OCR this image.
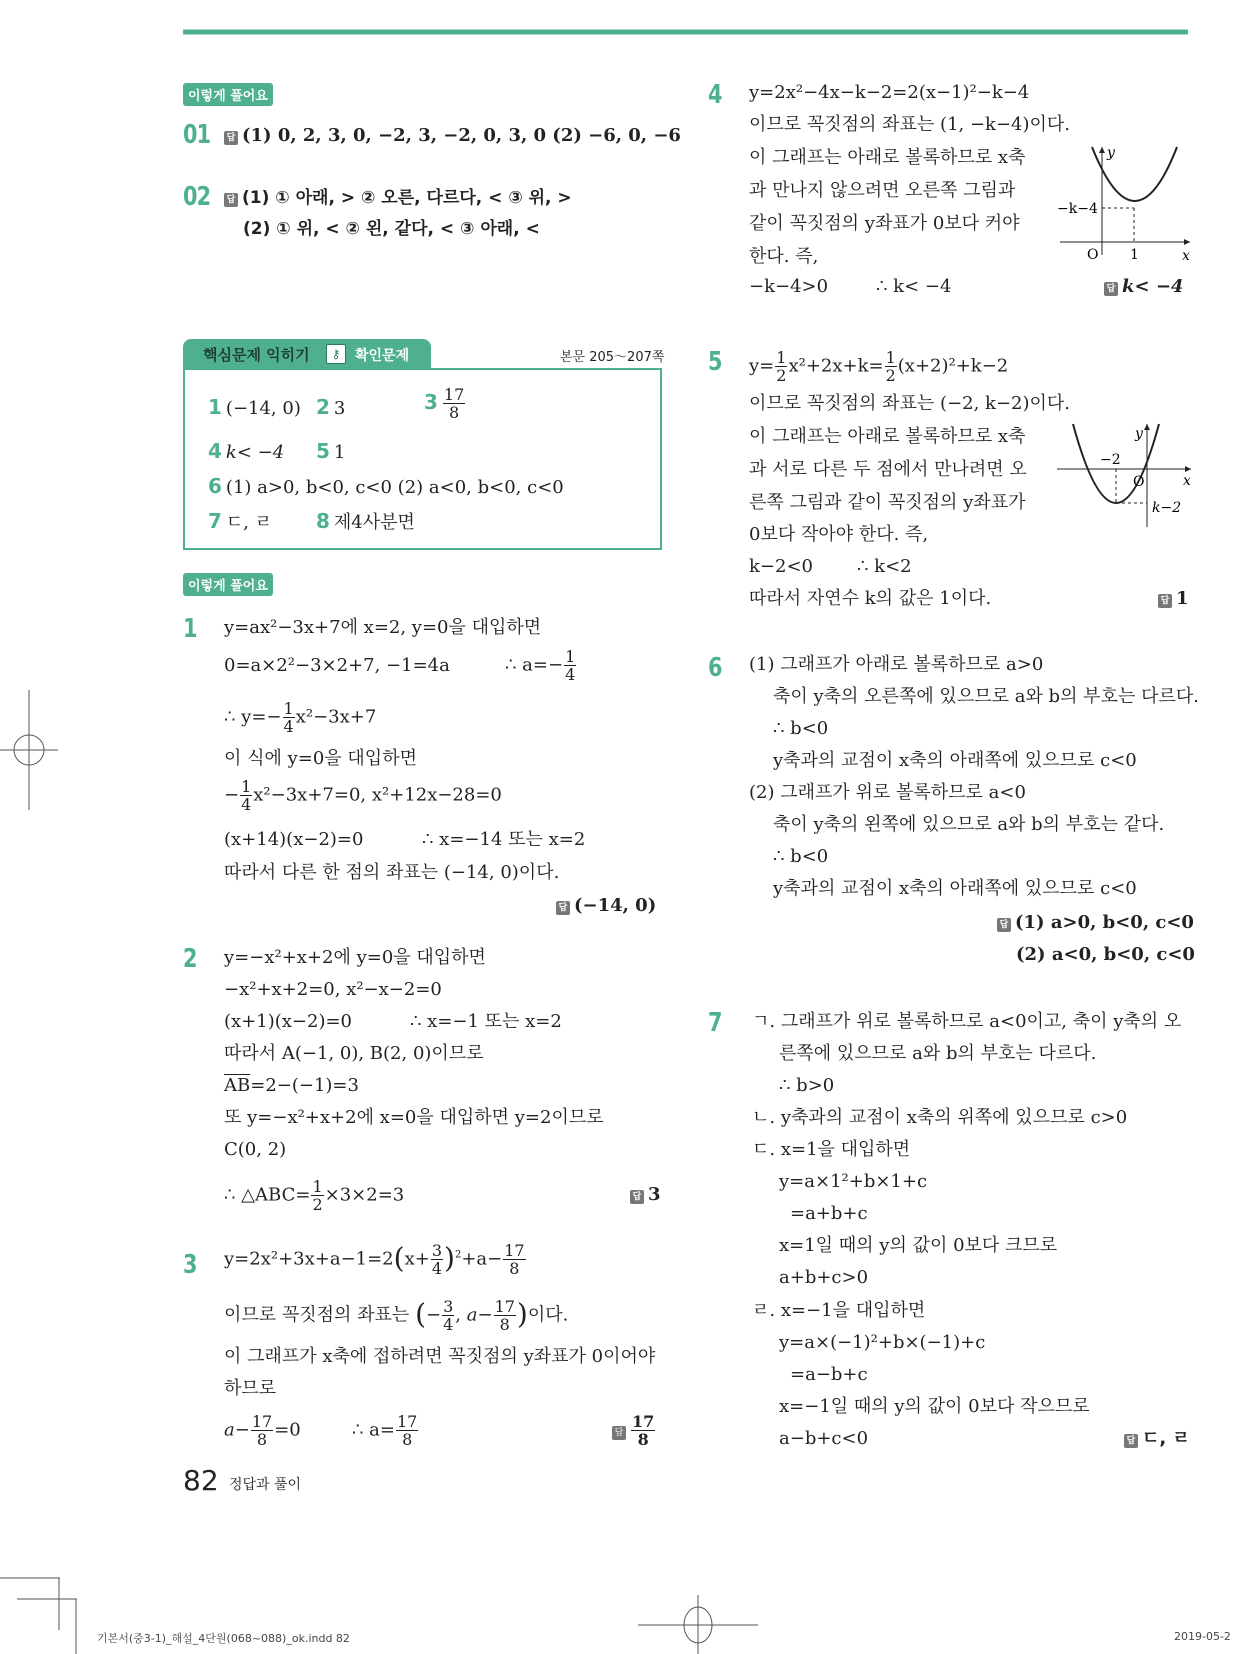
이렇게 풀어요
01 답 (1) 0, 2, 3, 0, −2, 3, −2, 0, 3, 0 (2) −6, 0, −6
02 답 (1) ① 아래, > ② 오른, 다르다, < ③ 위, >
(2) ① 위, < ② 왼, 같다, < ③ 아래, <
핵심문제 익히기	⚷	확인문제	본문 205～207쪽
1 (−14, 0) 2 3	$3 \frac{17}{8}$
4 k< −4 5 1
6 (1) a>0, b<0, c<0 (2) a<0, b<0, c<0
7 ㄷ, ㄹ 8 제4사분면
이렇게 풀어요
1 y=ax²−3x+7에 x=2, y=0을 대입하면
0=a×2²−3×2+7, −1=4a	∴ $a=- \frac{1}{4}$
∴ $y=- \frac{1}{4} x^2-3x+7$
이 식에 y=0을 대입하면
− $\frac{1}{4} x^2-3x+7=0$, x²+12x−28=0
(x+14)(x−2)=0	∴ x=−14 또는 x=2
따라서 다른 한 점의 좌표는 (−14, 0)이다.
답 (−14, 0)
2 y=−x²+x+2에 y=0을 대입하면
−x²+x+2=0, x²−x−2=0
(x+1)(x−2)=0	∴ x=−1 또는 x=2
따라서 A(−1, 0), B(2, 0)이므로
$\overline{AB}=2-(-1)=3$
또 y=−x²+x+2에 x=0을 대입하면 y=2이므로
C(0, 2)
∴ △ABC= $\frac{1}{2} \times 3\times 2=3$	답 3
3 $y=2x^2+3x+a-1=2(x+ \frac{3}{4} )^2+a- \frac{17}{8}$
이므로 꼭짓점의 좌표는 (− $\frac{3}{4}$ , $a- \frac{17}{8}$ )이다.
이 그래프가 x축에 접하려면 꼭짓점의 y좌표가 0이어야
하므로
$a- \frac{17}{8} =0$	∴ $a= \frac{17}{8}$	답 $\frac{17}{8}$
82 정답과 풀이
4 y=2x²−4x−k−2=2(x−1)²−k−4
이므로 꼭짓점의 좌표는 (1, −k−4)이다.
이 그래프는 아래로 볼록하므로 x축
과 만나지 않으려면 오른쪽 그림과
같이 꼭짓점의 y좌표가 0보다 커야
한다. 즉,
−k−4>0	∴ k< −4
y
x
O 1
−k−4
답 k< −4
5 $y= \frac{1}{2} x^2+2x+k= \frac{1}{2} (x+2)^2+k-2$
이므로 꼭짓점의 좌표는 (−2, k−2)이다.
이 그래프는 아래로 볼록하므로 x축
과 서로 다른 두 점에서 만나려면 오
른쪽 그림과 같이 꼭짓점의 y좌표가
0보다 작아야 한다. 즉,
k−2<0 ∴ k<2
따라서 자연수 k의 값은 1이다.
y
x
O
−2
k−2
답 1
6 (1) 그래프가 아래로 볼록하므로 a>0
축이 y축의 오른쪽에 있으므로 a와 b의 부호는 다르다.
∴ b<0
y축과의 교점이 x축의 아래쪽에 있으므로 c<0
(2) 그래프가 위로 볼록하므로 a<0
축이 y축의 왼쪽에 있으므로 a와 b의 부호는 같다.
∴ b<0
y축과의 교점이 x축의 아래쪽에 있으므로 c<0
답 (1) a>0, b<0, c<0
(2) a<0, b<0, c<0
7 ㄱ. 그래프가 위로 볼록하므로 a<0이고, 축이 y축의 오
른쪽에 있으므로 a와 b의 부호는 다르다.
∴ b>0
ㄴ. y축과의 교점이 x축의 위쪽에 있으므로 c>0
ㄷ. x=1을 대입하면
y=a×1²+b×1+c
=a+b+c
x=1일 때의 y의 값이 0보다 크므로
a+b+c>0
ㄹ. x=−1을 대입하면
y=a×(−1)²+b×(−1)+c
=a−b+c
x=−1일 때의 y의 값이 0보다 작으므로
a−b+c<0	답 ㄷ, ㄹ
기본서(중3-1)_해설_4단원(068~088)_ok.indd 82	2019-05-2
